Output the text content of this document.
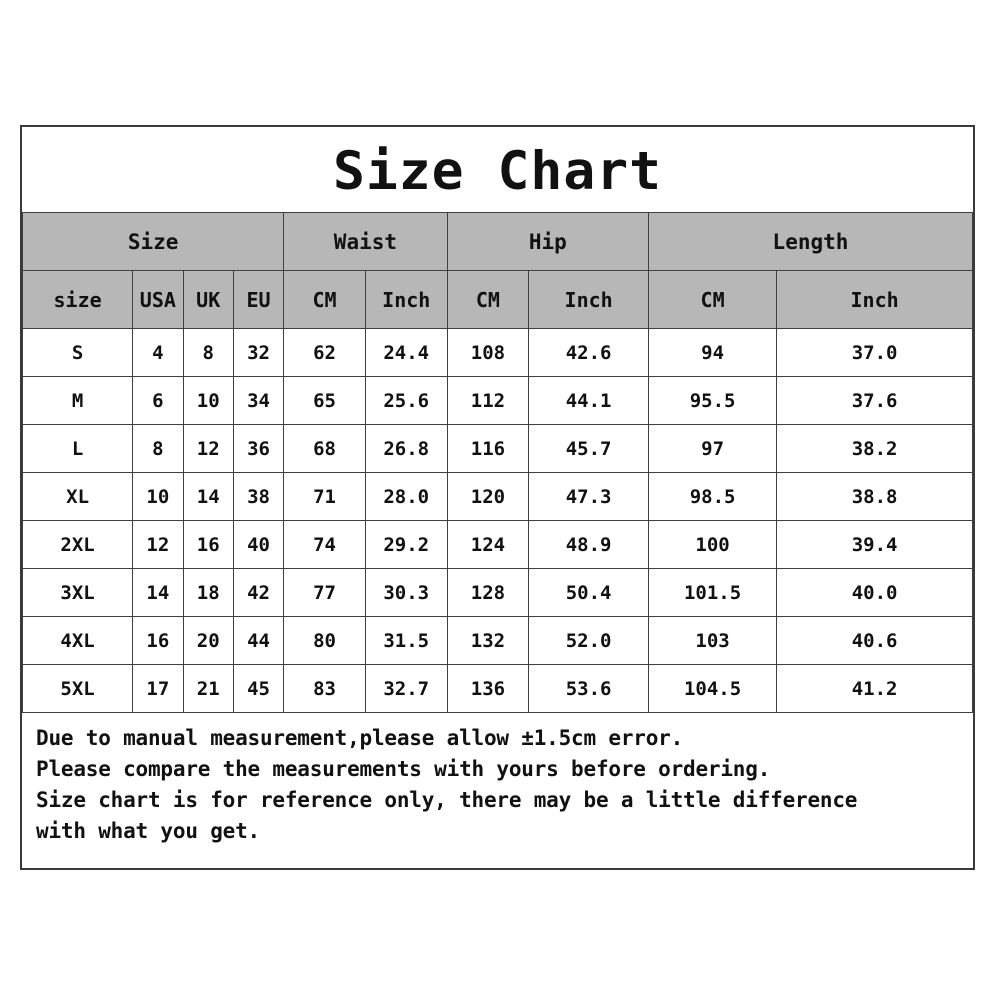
Size Chart
Size				Waist		Hip		Length	
size	USA	UK	EU	CM	Inch	CM	Inch	CM	Inch
S	4	8	32	62	24.4	108	42.6	94	37.0
M	6	10	34	65	25.6	112	44.1	95.5	37.6
L	8	12	36	68	26.8	116	45.7	97	38.2
XL	10	14	38	71	28.0	120	47.3	98.5	38.8
2XL	12	16	40	74	29.2	124	48.9	100	39.4
3XL	14	18	42	77	30.3	128	50.4	101.5	40.0
4XL	16	20	44	80	31.5	132	52.0	103	40.6
5XL	17	21	45	83	32.7	136	53.6	104.5	41.2

Due to manual measurement,please allow ±1.5cm error.

Please compare the measurements with yours before ordering.

Size chart is for reference only, there may be a little difference

with what you get.
